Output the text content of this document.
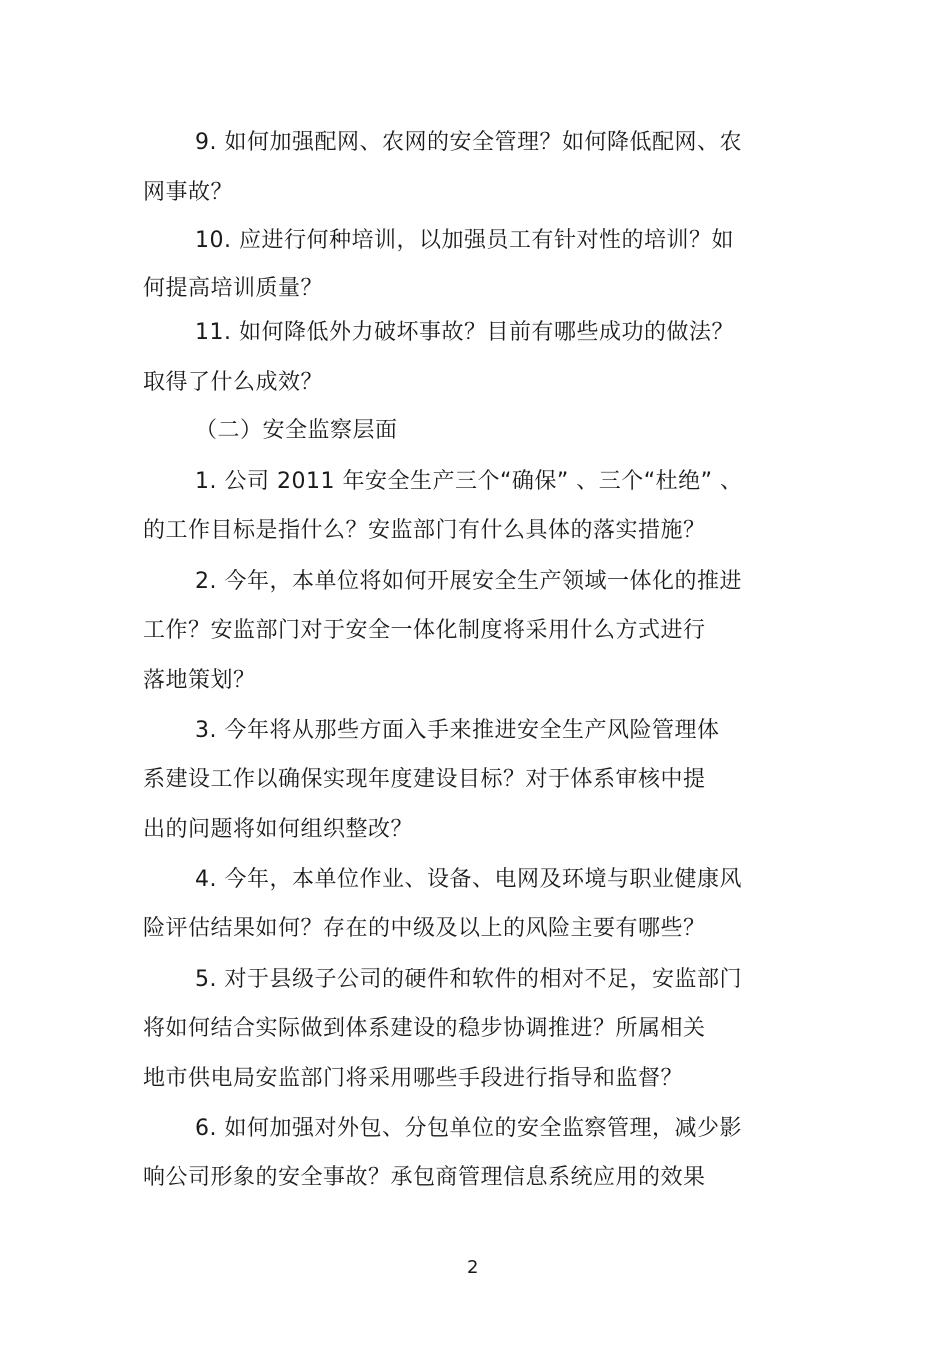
9. 如何加强配网、农网的安全管理？如何降低配网、农
网事故？
10. 应进行何种培训，以加强员工有针对性的培训？如
何提高培训质量？
11. 如何降低外力破坏事故？目前有哪些成功的做法？
取得了什么成效？
（二）安全监察层面
1. 公司 2011 年安全生产三个“确保” 、三个“杜绝” 、
的工作目标是指什么？安监部门有什么具体的落实措施？
2. 今年，本单位将如何开展安全生产领域一体化的推进
工作？安监部门对于安全一体化制度将采用什么方式进行
落地策划？
3. 今年将从那些方面入手来推进安全生产风险管理体
系建设工作以确保实现年度建设目标？对于体系审核中提
出的问题将如何组织整改？
4. 今年，本单位作业、设备、电网及环境与职业健康风
险评估结果如何？存在的中级及以上的风险主要有哪些？
5. 对于县级子公司的硬件和软件的相对不足，安监部门
将如何结合实际做到体系建设的稳步协调推进？所属相关
地市供电局安监部门将采用哪些手段进行指导和监督？
6. 如何加强对外包、分包单位的安全监察管理，减少影
响公司形象的安全事故？承包商管理信息系统应用的效果
2
